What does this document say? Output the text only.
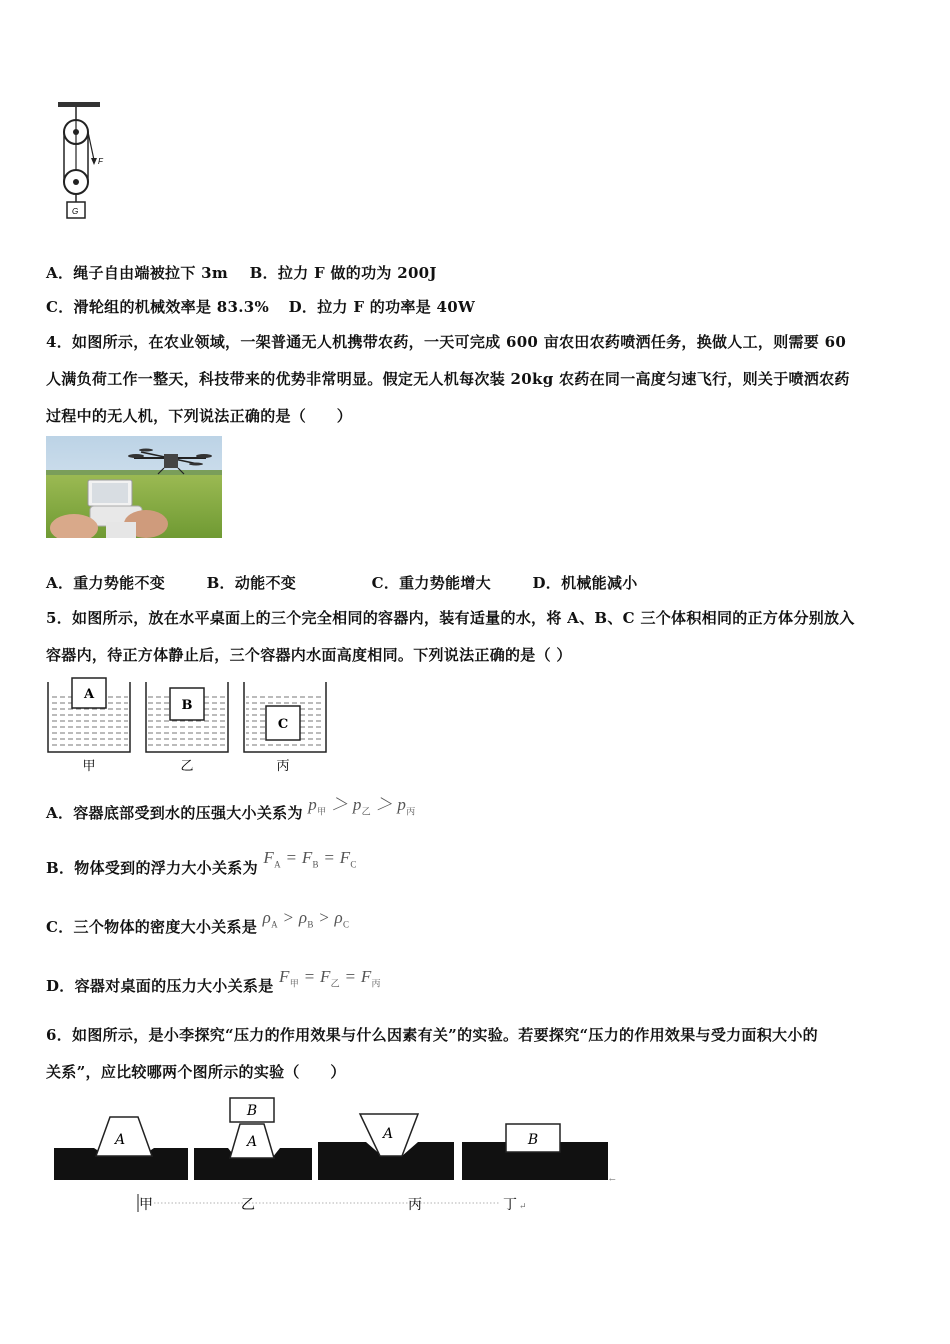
F
G
A．绳子自由端被拉下 3m B．拉力 F 做的功为 200J
C．滑轮组的机械效率是 83.3% D．拉力 F 的功率是 40W
4．如图所示，在农业领域，一架普通无人机携带农药，一天可完成 600 亩农田农药喷洒任务，换做人工，则需要 60
人满负荷工作一整天，科技带来的优势非常明显。假定无人机每次装 20kg 农药在同一高度匀速飞行，则关于喷洒农药
过程中的无人机，下列说法正确的是（　　）
A．重力势能不变	B．动能不变	C．重力势能增大	D．机械能减小
5．如图所示，放在水平桌面上的三个完全相同的容器内，装有适量的水，将 A、B、C 三个体积相同的正方体分别放入
容器内，待正方体静止后，三个容器内水面高度相同。下列说法正确的是（ ）
A
甲
B
乙
C
丙
A．容器底部受到水的压强大小关系为 $p_甲 > p_乙 > p_丙$
B．物体受到的浮力大小关系为 $F_A = F_B = F_C$
C．三个物体的密度大小关系是 $\rho_A > \rho_B > \rho_C$
D．容器对桌面的压力大小关系是 $F_甲 = F_乙 = F_丙$
6．如图所示，是小李探究“压力的作用效果与什么因素有关”的实验。若要探究“压力的作用效果与受力面积大小的
关系”，应比较哪两个图所示的实验（　　）
A	A
B
A	B
←
甲	乙	丙	丁 ↵
